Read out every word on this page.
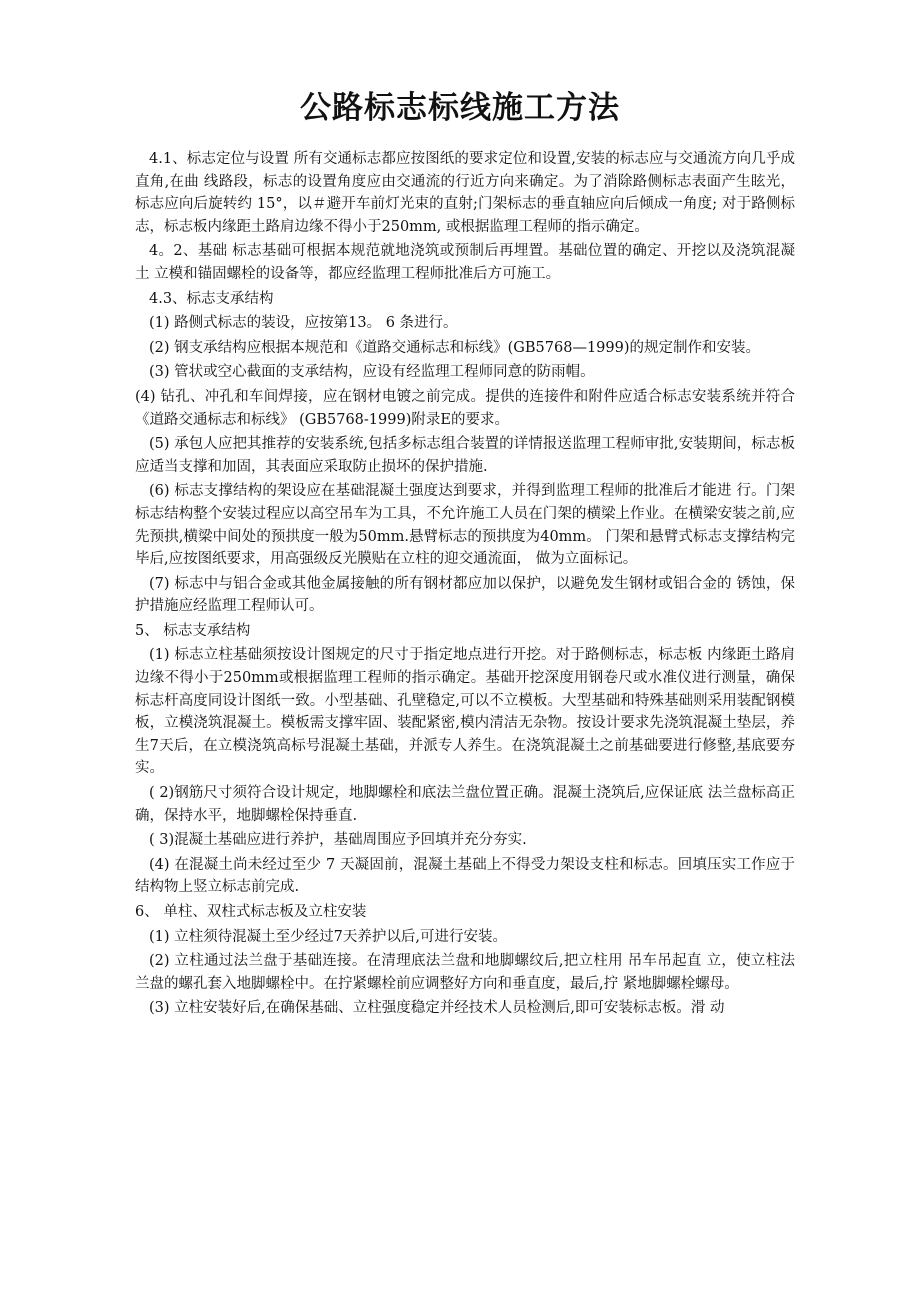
公路标志标线施工方法

4.1、标志定位与设置 所有交通标志都应按图纸的要求定位和设置,安装的标志应与交通流方向几乎成直角,在曲 线路段，标志的设置角度应由交通流的行近方向来确定。为了消除路侧标志表面产生眩光， 标志应向后旋转约 15°，以＃避开车前灯光束的直射;门架标志的垂直轴应向后倾成一角度; 对于路侧标志，标志板内缘距土路肩边缘不得小于250mm, 或根据监理工程师的指示确定。

4。2、基础 标志基础可根据本规范就地浇筑或预制后再埋置。基础位置的确定、开挖以及浇筑混凝土 立模和锚固螺栓的设备等，都应经监理工程师批准后方可施工。

4.3、标志支承结构

(1) 路侧式标志的装设，应按第13。 6 条进行。

(2) 钢支承结构应根据本规范和《道路交通标志和标线》(GB5768—1999)的规定制作和安装。

(3) 管状或空心截面的支承结构，应设有经监理工程师同意的防雨帽。

(4) 钻孔、冲孔和车间焊接，应在钢材电镀之前完成。提供的连接件和附件应适合标志安装系统并符合《道路交通标志和标线》 (GB5768-1999)附录E的要求。

(5) 承包人应把其推荐的安装系统,包括多标志组合装置的详情报送监理工程师审批,安装期间，标志板应适当支撑和加固，其表面应采取防止损坏的保护措施.

(6) 标志支撑结构的架设应在基础混凝土强度达到要求，并得到监理工程师的批准后才能进 行。门架标志结构整个安装过程应以高空吊车为工具，不允许施工人员在门架的横梁上作业。在横梁安装之前,应先预拱,横梁中间处的预拱度一般为50mm.悬臂标志的预拱度为40mm。 门架和悬臂式标志支撑结构完毕后,应按图纸要求，用高强级反光膜贴在立柱的迎交通流面， 做为立面标记。

(7) 标志中与铝合金或其他金属接触的所有钢材都应加以保护，以避免发生钢材或铝合金的 锈蚀，保护措施应经监理工程师认可。

5、 标志支承结构

(1) 标志立柱基础须按设计图规定的尺寸于指定地点进行开挖。对于路侧标志，标志板 内缘距土路肩边缘不得小于250mm或根据监理工程师的指示确定。基础开挖深度用钢卷尺或水准仪进行测量，确保标志杆高度同设计图纸一致。小型基础、孔壁稳定,可以不立模板。大型基础和特殊基础则采用装配钢模板，立模浇筑混凝土。模板需支撑牢固、装配紧密,模内清洁无杂物。按设计要求先浇筑混凝土垫层，养生7天后，在立模浇筑高标号混凝土基础，并派专人养生。在浇筑混凝土之前基础要进行修整,基底要夯实。

( 2)钢筋尺寸须符合设计规定，地脚螺栓和底法兰盘位置正确。混凝土浇筑后,应保证底 法兰盘标高正确，保持水平，地脚螺栓保持垂直.

( 3)混凝土基础应进行养护，基础周围应予回填并充分夯实.

(4) 在混凝土尚未经过至少 7 天凝固前，混凝土基础上不得受力架设支柱和标志。回填压实工作应于结构物上竖立标志前完成.

6、 单柱、双柱式标志板及立柱安装

(1) 立柱须待混凝土至少经过7天养护以后,可进行安装。

(2) 立柱通过法兰盘于基础连接。在清理底法兰盘和地脚螺纹后,把立柱用 吊车吊起直 立，使立柱法兰盘的螺孔套入地脚螺栓中。在拧紧螺栓前应调整好方向和垂直度，最后,拧 紧地脚螺栓螺母。

(3) 立柱安装好后,在确保基础、立柱强度稳定并经技术人员检测后,即可安装标志板。滑 动
